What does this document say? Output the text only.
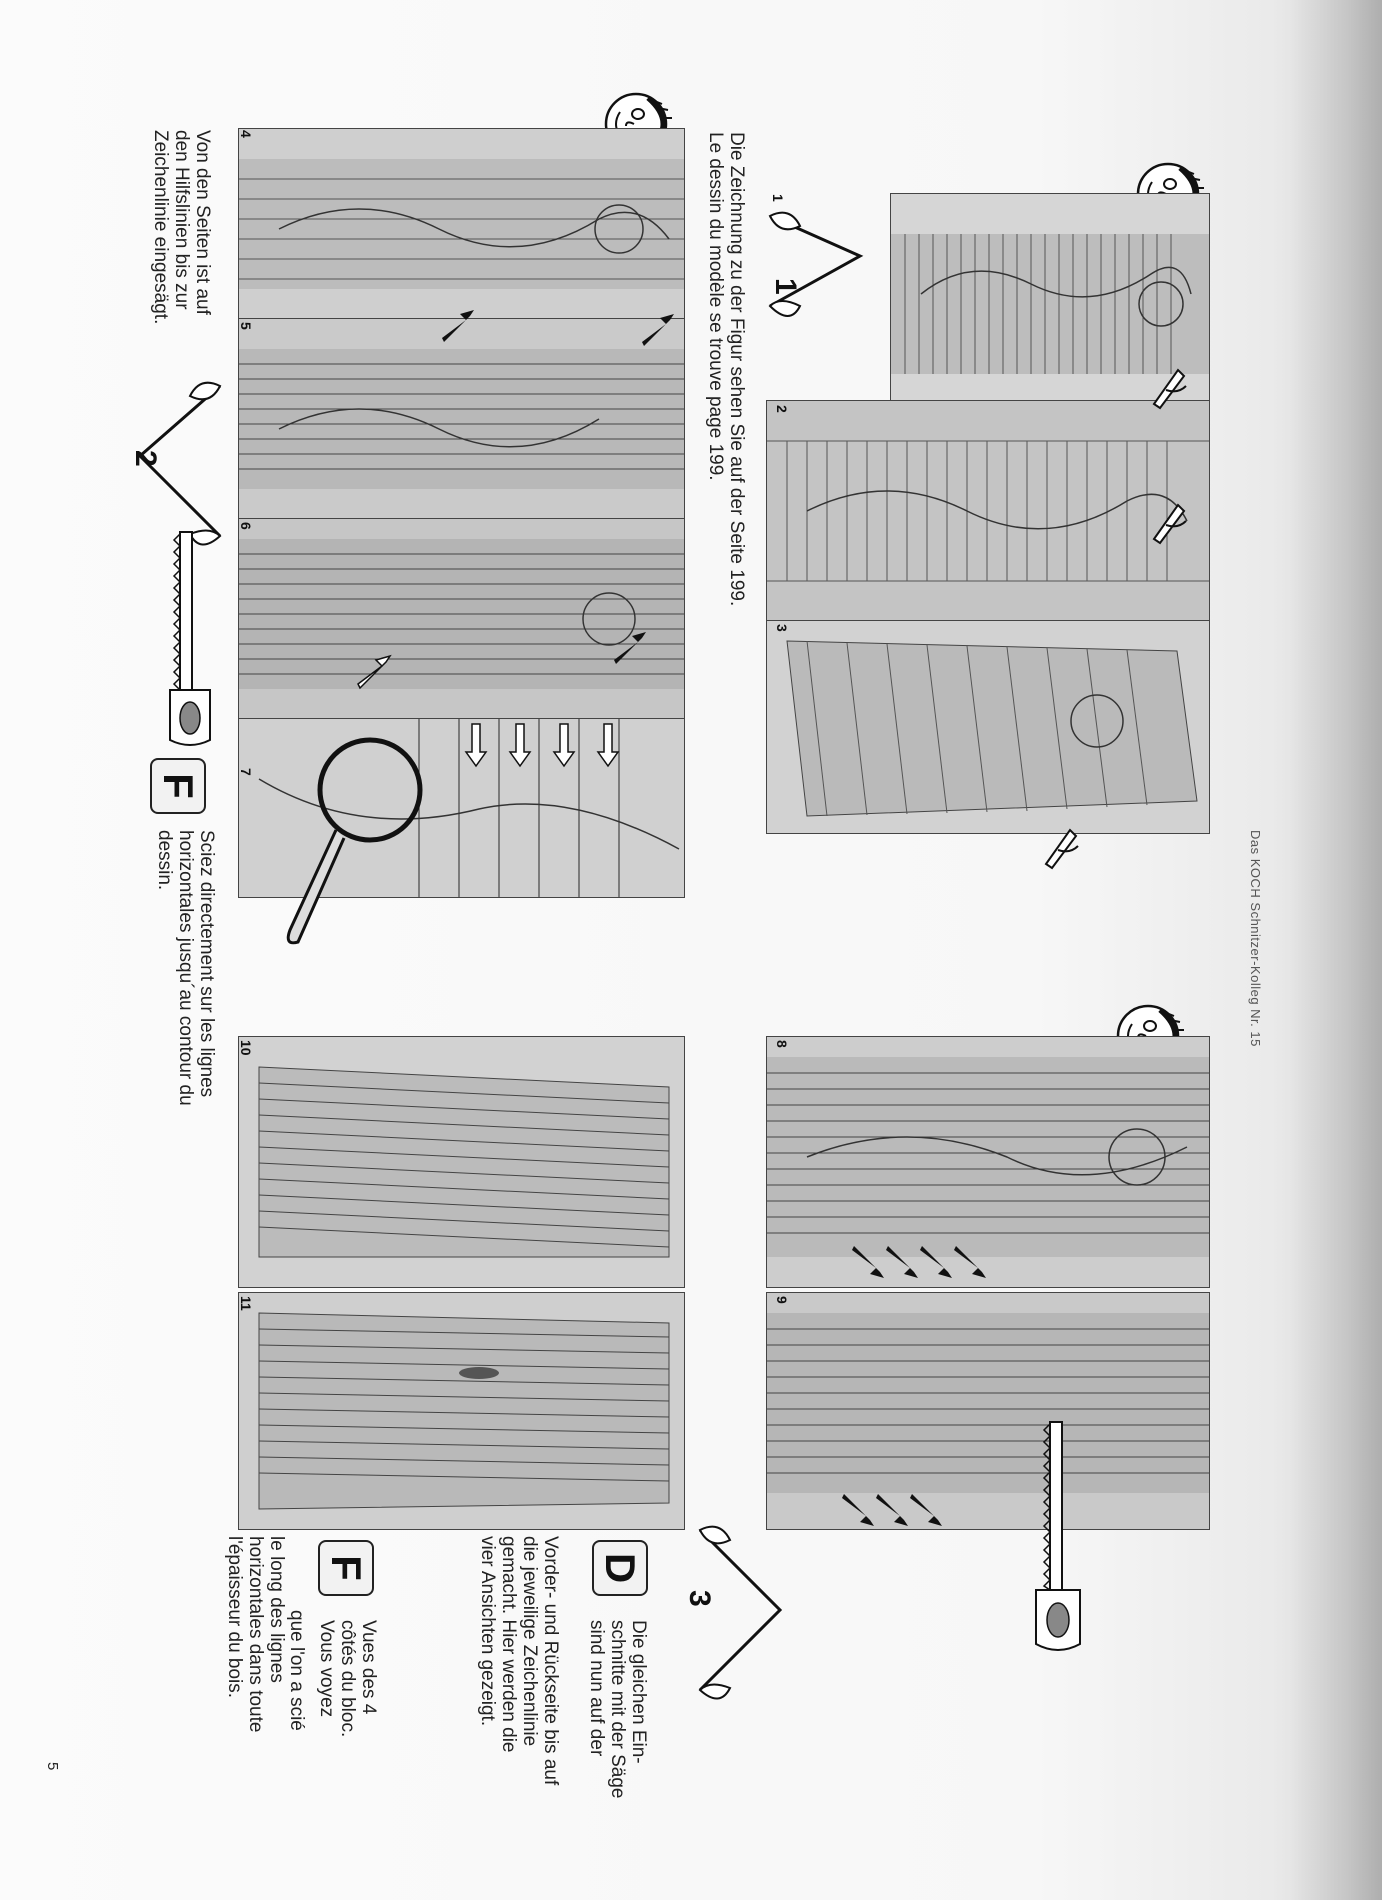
Das KOCH Schnitzer-Kolleg Nr. 15
5
Die Zeichnung zu der Figur sehen Sie auf der Seite 199.
Le dessin du modèle se trouve page 199.	1
2
3
1
4
5
6
7
2
Von den Seiten ist auf
den Hilfslinien bis zur
Zeichenlinie eingesägt.
F
Sciez directement sur les lignes
horizontales jusqu´au contour du
dessin.
8
9
10
11
3
D
Die gleichen Ein-
schnitte mit der Säge
sind nun auf der
Vorder- und Rückseite bis auf
die jeweilige Zeichenlinie
gemacht. Hier werden die
vier Ansichten gezeigt.
F
Vues des 4
côtés du bloc.
Vous voyez
que l'on a scié
le long des lignes
horizontales dans toute
l'épaisseur du bois.
